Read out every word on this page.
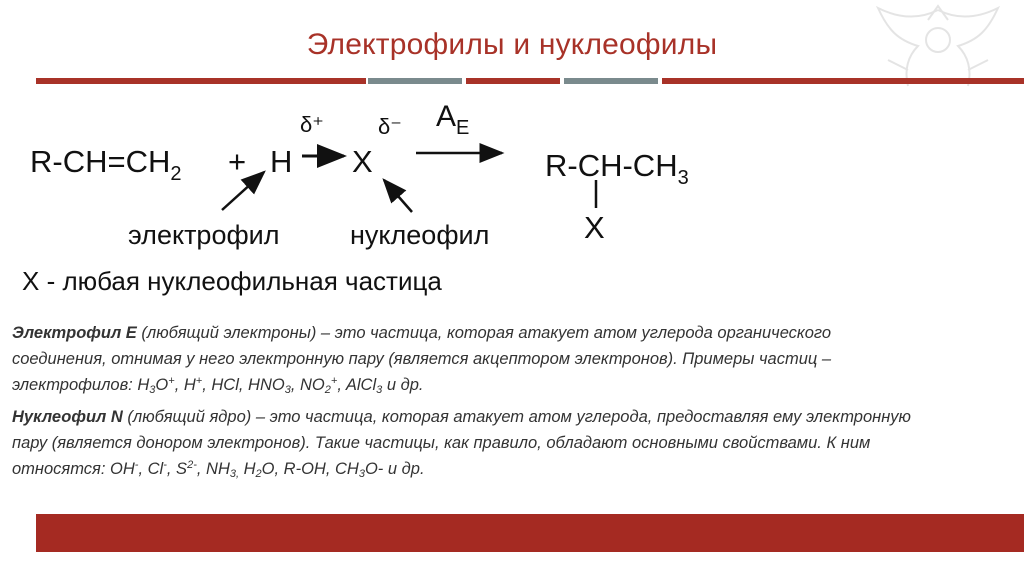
Электрофилы и нуклеофилы
$R-CH=CH_2 + H$ X
δ⁺ δ⁻ $A_E$
$R-CH-CH_3$
X
электрофил	нуклеофил
X - любая нуклеофильная частица
Электрофил E (любящий электроны) – это частица, которая атакует атом углерода органического
соединения, отнимая у него электронную пару (является акцептором электронов). Примеры частиц –
электрофилов: $H_3O^+$, H+, HCl, $HNO_3$, $NO_2^+$, AlCl$_3$ и др.
Нуклеофил N (любящий ядро) – это частица, которая атакует атом углерода, предоставляя ему электронную
пару (является донором электронов). Такие частицы, как правило, обладают основными свойствами. К ним
относятся: OH-, Cl-, $S^{2-}$, $NH_{3,}$ $H_2O$, R-OH, $CH_3O-$ и др.
